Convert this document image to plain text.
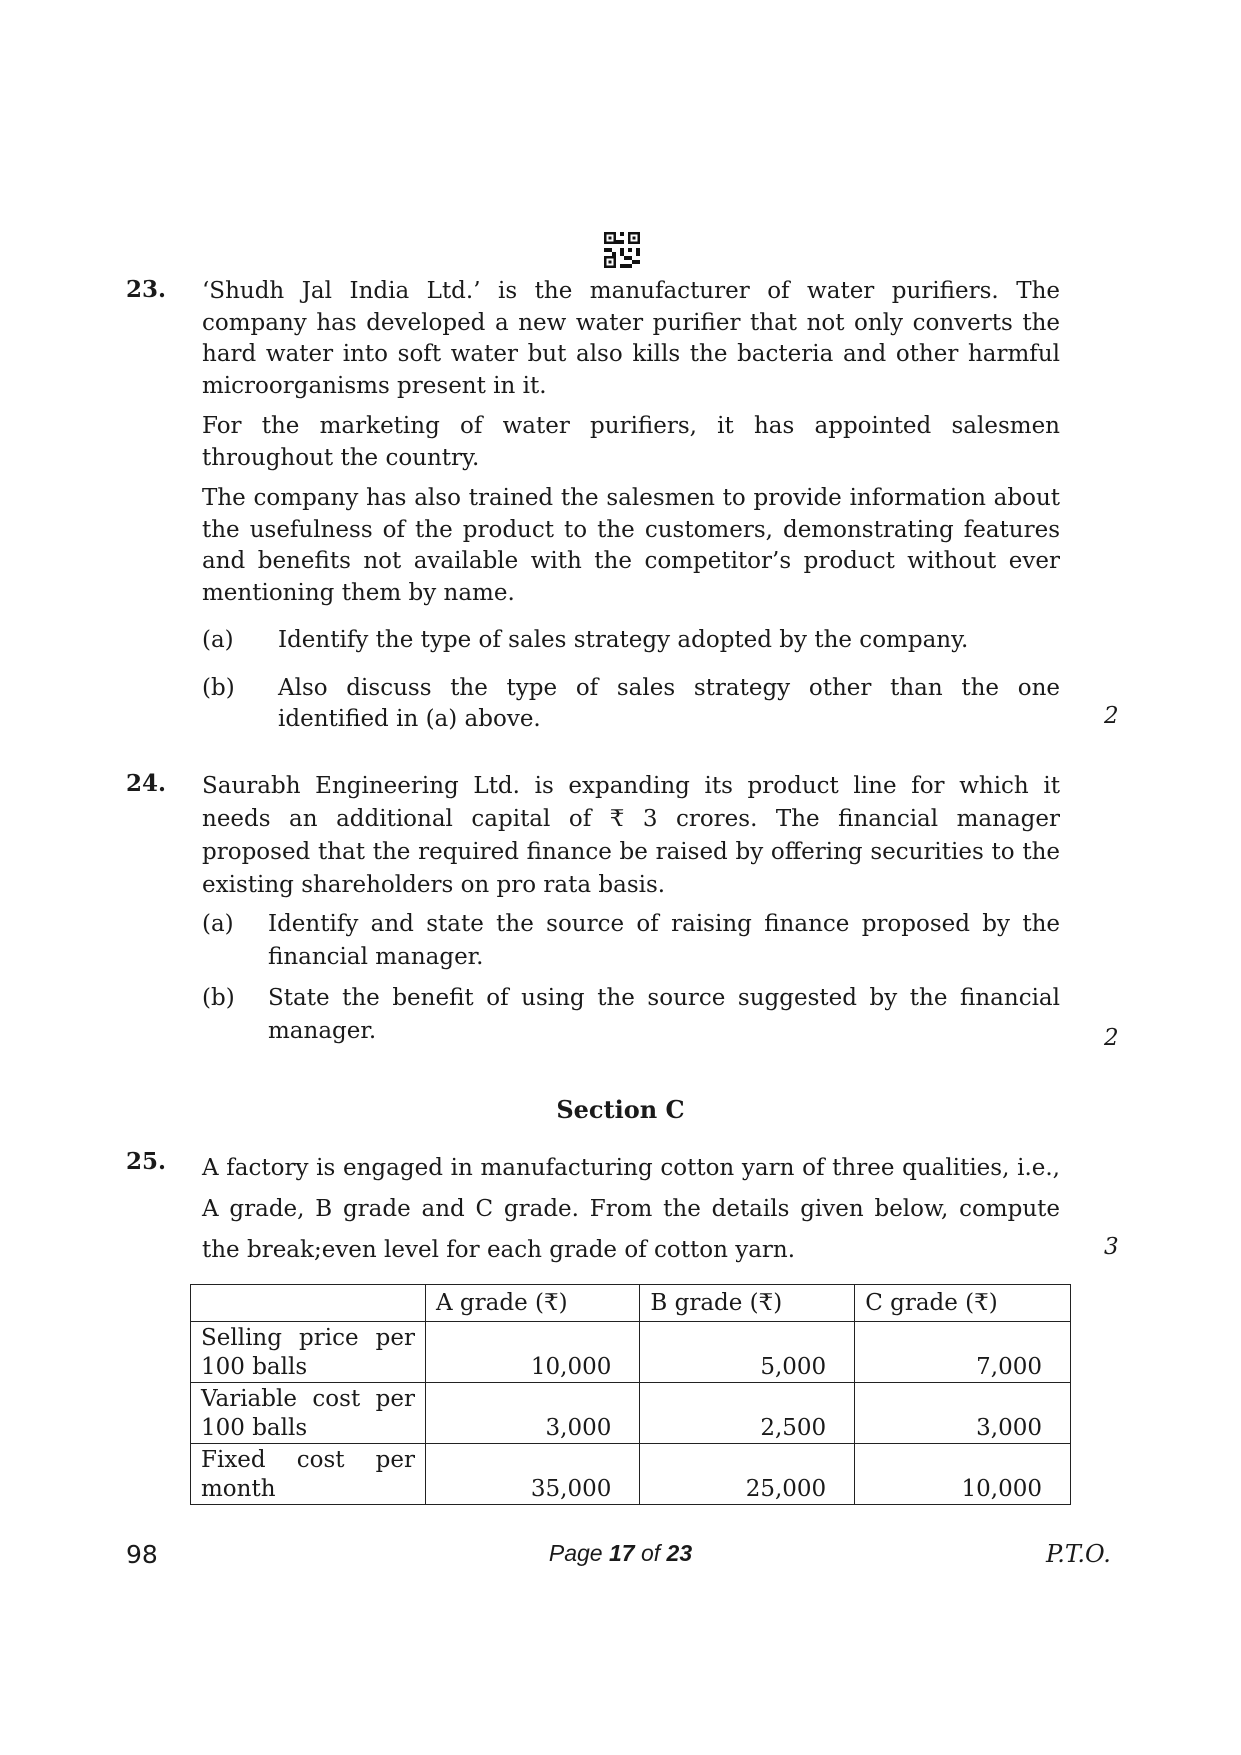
23. ‘Shudh Jal India Ltd.’ is the manufacturer of water purifiers. The company has developed a new water purifier that not only converts the hard water into soft water but also kills the bacteria and other harmful microorganisms present in it.

For the marketing of water purifiers, it has appointed salesmen throughout the country.

The company has also trained the salesmen to provide information about the usefulness of the product to the customers, demonstrating features and benefits not available with the competitor’s product without ever mentioning them by name.

(a) Identify the type of sales strategy adopted by the company.
(b) Also discuss the type of sales strategy other than the one identified in (a) above.	2
24. Saurabh Engineering Ltd. is expanding its product line for which it needs an additional capital of ₹ 3 crores. The financial manager proposed that the required finance be raised by offering securities to the existing shareholders on pro rata basis.

(a) Identify and state the source of raising finance proposed by the financial manager.
(b) State the benefit of using the source suggested by the financial manager.	2
Section C
25. A factory is engaged in manufacturing cotton yarn of three qualities, i.e., A grade, B grade and C grade. From the details given below, compute the break;even level for each grade of cotton yarn.	3
	A grade (₹)	B grade (₹)	C grade (₹)
Selling price per 100 balls	10,000	5,000	7,000
Variable cost per 100 balls	3,000	2,500	3,000
Fixed cost per month	35,000	25,000	10,000
98	Page 17 of 23	P.T.O.
